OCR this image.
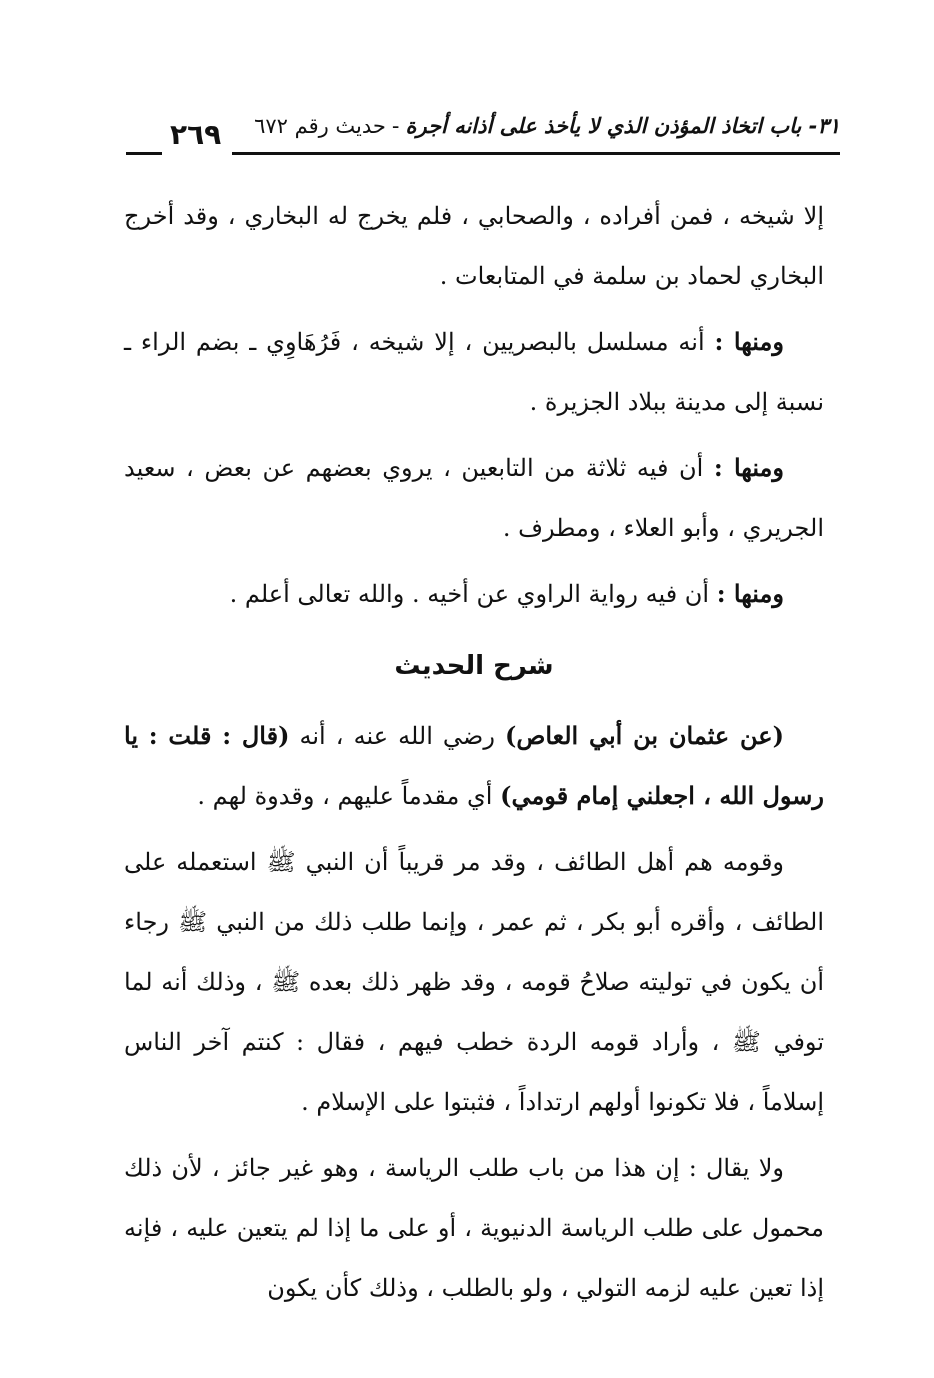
٣١- باب اتخاذ المؤذن الذي لا يأخذ على أذانه أجرة-حديث رقم ٦٧٢
٢٦٩

إلا شيخه ، فمن أفراده ، والصحابي ، فلم يخرج له البخاري ، وقد أخرج البخاري لحماد بن سلمة في المتابعات .

ومنها : أنه مسلسل بالبصريين ، إلا شيخه ، فَرُهَاوِي ـ بضم الراء ـ نسبة إلى مدينة ببلاد الجزيرة .

ومنها : أن فيه ثلاثة من التابعين ، يروي بعضهم عن بعض ، سعيد الجريري ، وأبو العلاء ، ومطرف .

ومنها : أن فيه رواية الراوي عن أخيه . والله تعالى أعلم .

شرح الحديث

(عن عثمان بن أبي العاص) رضي الله عنه ، أنه (قال : قلت : يا رسول الله ، اجعلني إمام قومي) أي مقدماً عليهم ، وقدوة لهم .

وقومه هم أهل الطائف ، وقد مر قريباً أن النبي ﷺ استعمله على الطائف ، وأقره أبو بكر ، ثم عمر ، وإنما طلب ذلك من النبي ﷺ رجاء أن يكون في توليته صلاحُ قومه ، وقد ظهر ذلك بعده ﷺ ، وذلك أنه لما توفي ﷺ ، وأراد قومه الردة خطب فيهم ، فقال : كنتم آخر الناس إسلاماً ، فلا تكونوا أولهم ارتداداً ، فثبتوا على الإسلام .

ولا يقال : إن هذا من باب طلب الرياسة ، وهو غير جائز ، لأن ذلك محمول على طلب الرياسة الدنيوية ، أو على ما إذا لم يتعين عليه ، فإنه إذا تعين عليه لزمه التولي ، ولو بالطلب ، وذلك كأن يكون
